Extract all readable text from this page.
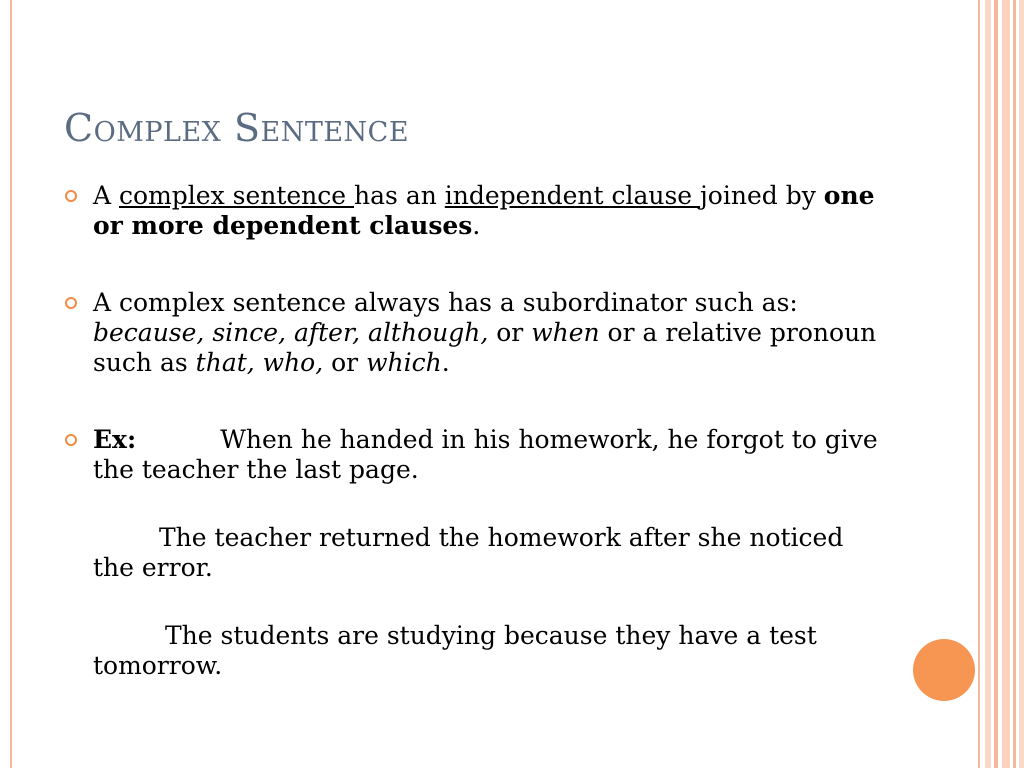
Complex Sentence
A complex sentence has an independent clause joined by one or more dependent clauses.
A complex sentence always has a subordinator such as: because, since, after, although, or when or a relative pronoun such as that, who, or which.
Ex:	When he handed in his homework, he forgot to give the teacher the last page.
The teacher returned the homework after she noticed the error.
The students are studying because they have a test tomorrow.
